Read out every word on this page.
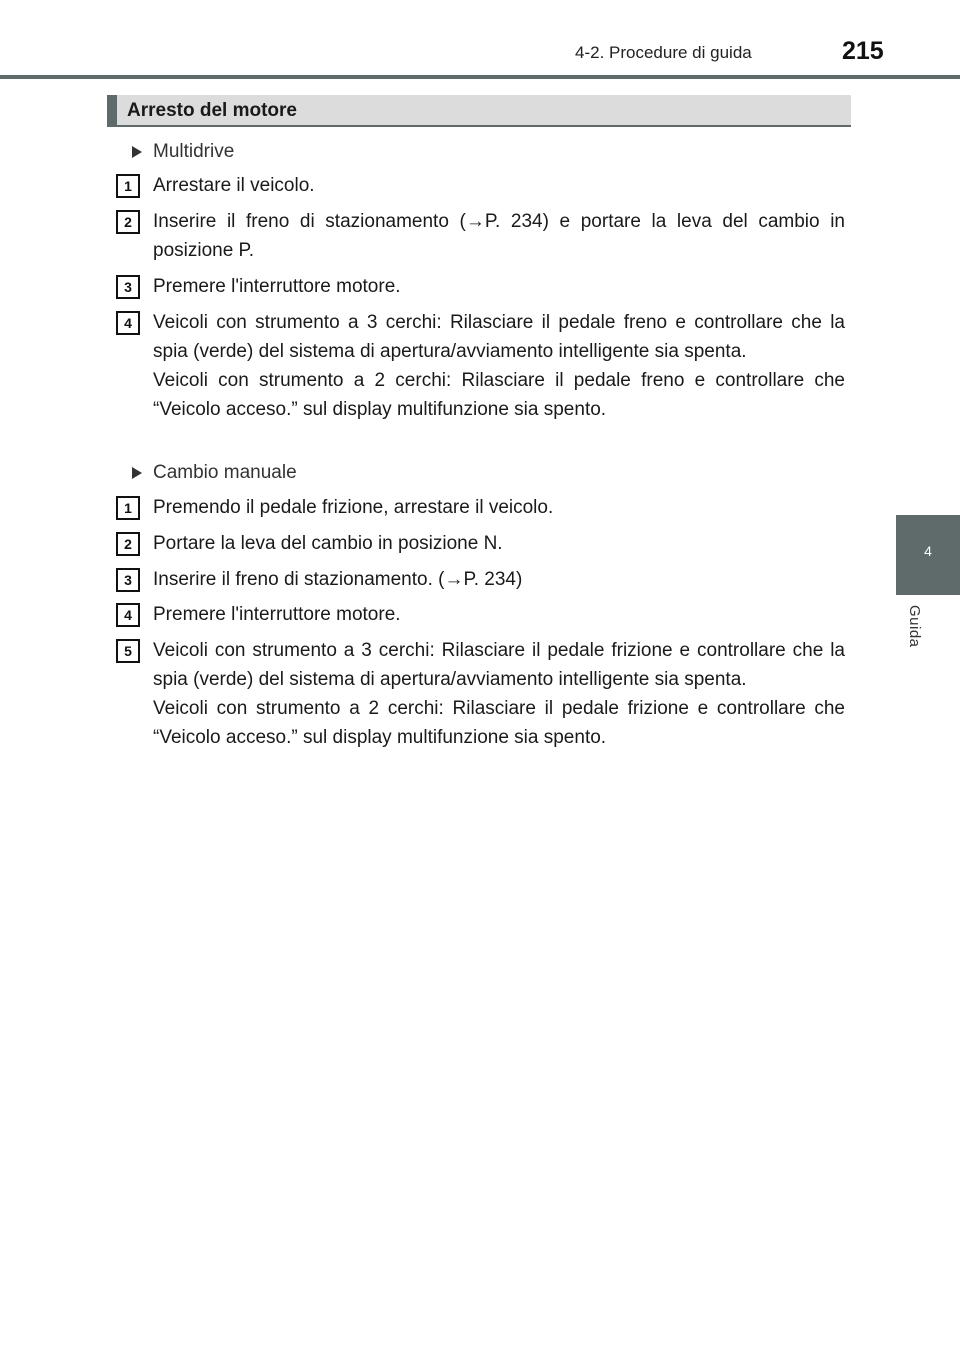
4-2. Procedure di guida	215
4
Guida
Arresto del motore
Multidrive
1	Arrestare il veicolo.

2	Inserire il freno di stazionamento (→P. 234) e portare la leva del cambio in posizione P.

3	Premere l'interruttore motore.

4	Veicoli con strumento a 3 cerchi: Rilasciare il pedale freno e controllare che la spia (verde) del sistema di apertura/avviamento intelligente sia spenta.

Veicoli con strumento a 2 cerchi: Rilasciare il pedale freno e controllare che “Veicolo acceso.” sul display multifunzione sia spento.

Cambio manuale
1	Premendo il pedale frizione, arrestare il veicolo.

2	Portare la leva del cambio in posizione N.

3	Inserire il freno di stazionamento. (→P. 234)

4	Premere l'interruttore motore.

5	Veicoli con strumento a 3 cerchi: Rilasciare il pedale frizione e controllare che la spia (verde) del sistema di apertura/avviamento intelligente sia spenta.

Veicoli con strumento a 2 cerchi: Rilasciare il pedale frizione e controllare che “Veicolo acceso.” sul display multifunzione sia spento.
